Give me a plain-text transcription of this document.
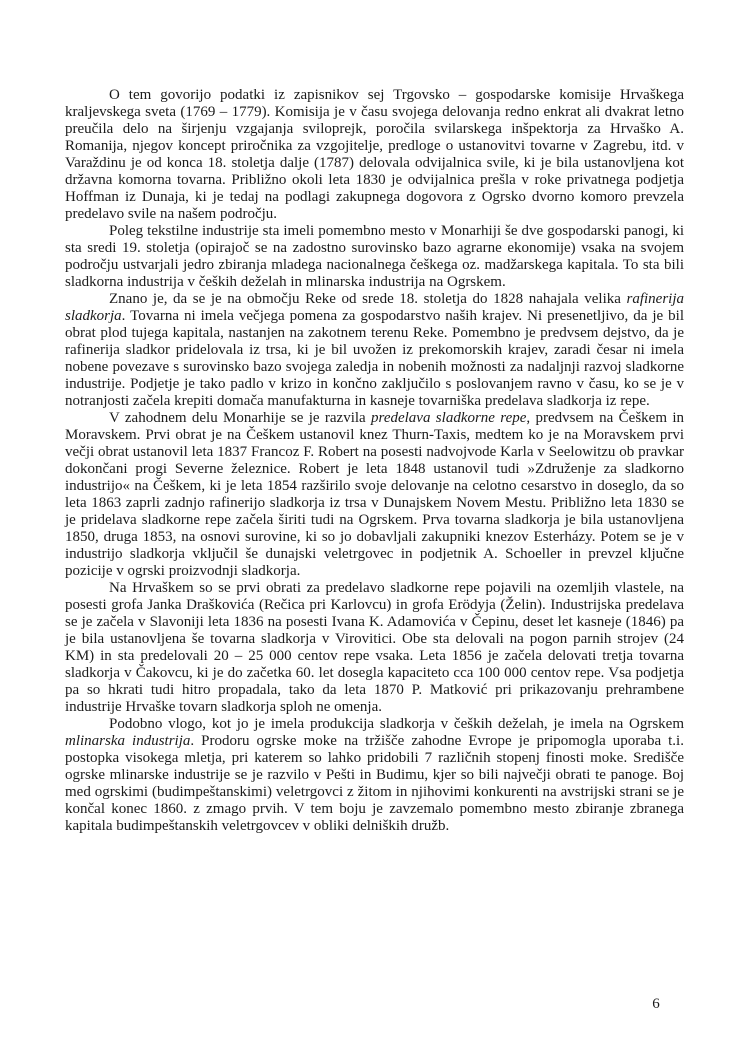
O tem govorijo podatki iz zapisnikov sej Trgovsko – gospodarske komisije Hrvaškega kraljevskega sveta (1769 – 1779). Komisija je v času svojega delovanja redno enkrat ali dvakrat letno preučila delo na širjenju vzgajanja sviloprejk, poročila svilarskega inšpektorja za Hrvaško A. Romanija, njegov koncept priročnika za vzgojitelje, predloge o ustanovitvi tovarne v Zagrebu, itd. v Varaždinu je od konca 18. stoletja dalje (1787) delovala odvijalnica svile, ki je bila ustanovljena kot državna komorna tovarna. Približno okoli leta 1830 je odvijalnica prešla v roke privatnega podjetja Hoffman iz Dunaja, ki je tedaj na podlagi zakupnega dogovora z Ogrsko dvorno komoro prevzela predelavo svile na našem področju.

Poleg tekstilne industrije sta imeli pomembno mesto v Monarhiji še dve gospodarski panogi, ki sta sredi 19. stoletja (opirajoč se na zadostno surovinsko bazo agrarne ekonomije) vsaka na svojem področju ustvarjali jedro zbiranja mladega nacionalnega češkega oz. madžarskega kapitala. To sta bili sladkorna industrija v čeških deželah in mlinarska industrija na Ogrskem.

Znano je, da se je na območju Reke od srede 18. stoletja do 1828 nahajala velika rafinerija sladkorja. Tovarna ni imela večjega pomena za gospodarstvo naših krajev. Ni presenetljivo, da je bil obrat plod tujega kapitala, nastanjen na zakotnem terenu Reke. Pomembno je predvsem dejstvo, da je rafinerija sladkor pridelovala iz trsa, ki je bil uvožen iz prekomorskih krajev, zaradi česar ni imela nobene povezave s surovinsko bazo svojega zaledja in nobenih možnosti za nadaljnji razvoj sladkorne industrije. Podjetje je tako padlo v krizo in končno zaključilo s poslovanjem ravno v času, ko se je v notranjosti začela krepiti domača manufakturna in kasneje tovarniška predelava sladkorja iz repe.

V zahodnem delu Monarhije se je razvila predelava sladkorne repe, predvsem na Češkem in Moravskem. Prvi obrat je na Češkem ustanovil knez Thurn-Taxis, medtem ko je na Moravskem prvi večji obrat ustanovil leta 1837 Francoz F. Robert na posesti nadvojvode Karla v Seelowitzu ob pravkar dokončani progi Severne železnice. Robert je leta 1848 ustanovil tudi »Združenje za sladkorno industrijo« na Češkem, ki je leta 1854 razširilo svoje delovanje na celotno cesarstvo in doseglo, da so leta 1863 zaprli zadnjo rafinerijo sladkorja iz trsa v Dunajskem Novem Mestu. Približno leta 1830 se je pridelava sladkorne repe začela širiti tudi na Ogrskem. Prva tovarna sladkorja je bila ustanovljena 1850, druga 1853, na osnovi surovine, ki so jo dobavljali zakupniki knezov Esterházy. Potem se je v industrijo sladkorja vključil še dunajski veletrgovec in podjetnik A. Schoeller in prevzel ključne pozicije v ogrski proizvodnji sladkorja.

Na Hrvaškem so se prvi obrati za predelavo sladkorne repe pojavili na ozemljih vlastele, na posesti grofa Janka Draškovića (Rečica pri Karlovcu) in grofa Erödyja (Želin). Industrijska predelava se je začela v Slavoniji leta 1836 na posesti Ivana K. Adamovića v Čepinu, deset let kasneje (1846) pa je bila ustanovljena še tovarna sladkorja v Virovitici. Obe sta delovali na pogon parnih strojev (24 KM) in sta predelovali 20 – 25 000 centov repe vsaka. Leta 1856 je začela delovati tretja tovarna sladkorja v Čakovcu, ki je do začetka 60. let dosegla kapaciteto cca 100 000 centov repe. Vsa podjetja pa so hkrati tudi hitro propadala, tako da leta 1870 P. Matković pri prikazovanju prehrambene industrije Hrvaške tovarn sladkorja sploh ne omenja.

Podobno vlogo, kot jo je imela produkcija sladkorja v čeških deželah, je imela na Ogrskem mlinarska industrija. Prodoru ogrske moke na tržišče zahodne Evrope je pripomogla uporaba t.i. postopka visokega mletja, pri katerem so lahko pridobili 7 različnih stopenj finosti moke. Središče ogrske mlinarske industrije se je razvilo v Pešti in Budimu, kjer so bili največji obrati te panoge. Boj med ogrskimi (budimpeštanskimi) veletrgovci z žitom in njihovimi konkurenti na avstrijski strani se je končal konec 1860. z zmago prvih. V tem boju je zavzemalo pomembno mesto zbiranje zbranega kapitala budimpeštanskih veletrgovcev v obliki delniških družb.

6
